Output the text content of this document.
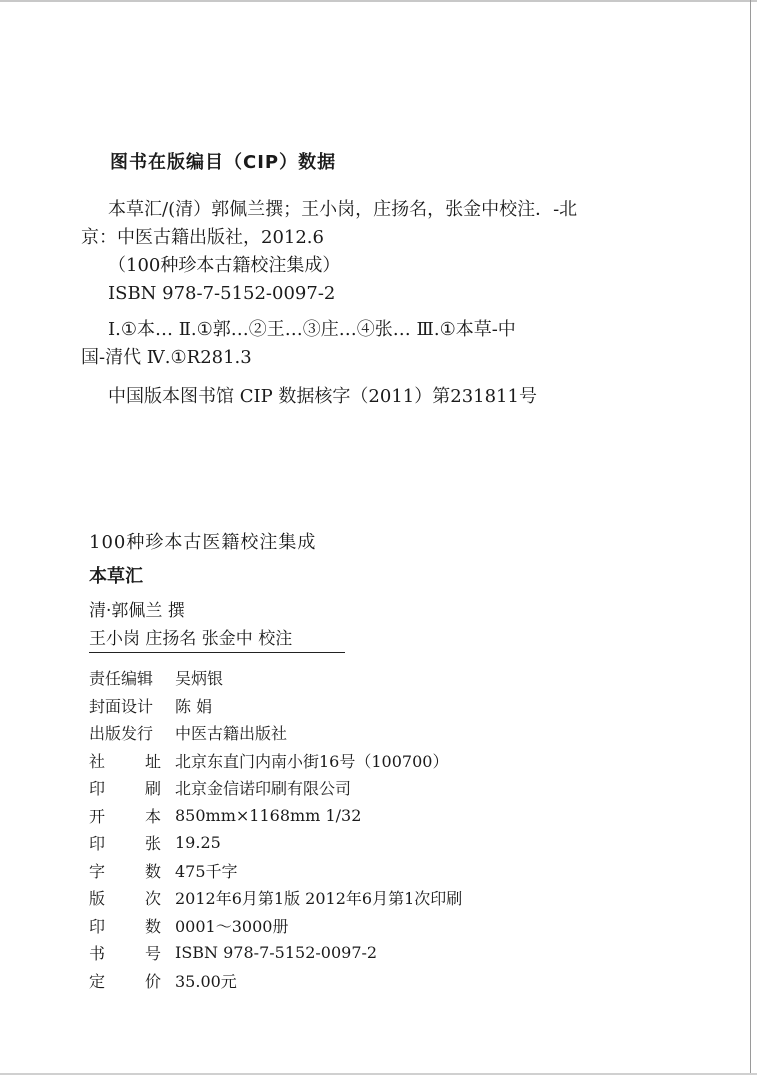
图书在版编目（CIP）数据
本草汇/(清）郭佩兰撰；王小岗，庄扬名，张金中校注．-北
京：中医古籍出版社，2012.6
（100种珍本古籍校注集成）
ISBN 978-7-5152-0097-2
Ⅰ.①本… Ⅱ.①郭…②王…③庄…④张… Ⅲ.①本草-中
国-清代 Ⅳ.①R281.3
中国版本图书馆 CIP 数据核字（2011）第231811号
100种珍本古医籍校注集成
本草汇
清·郭佩兰 撰
王小岗 庄扬名 张金中 校注
责任编辑	吴炳银
封面设计	陈 娟
出版发行	中医古籍出版社
社 址 北京东直门内南小街16号（100700）
印 刷 北京金信诺印刷有限公司
开 本 850mm×1168mm 1/32
印 张 19.25
字 数 475千字
版 次 2012年6月第1版 2012年6月第1次印刷
印 数 0001～3000册
书 号 ISBN 978-7-5152-0097-2
定 价 35.00元
